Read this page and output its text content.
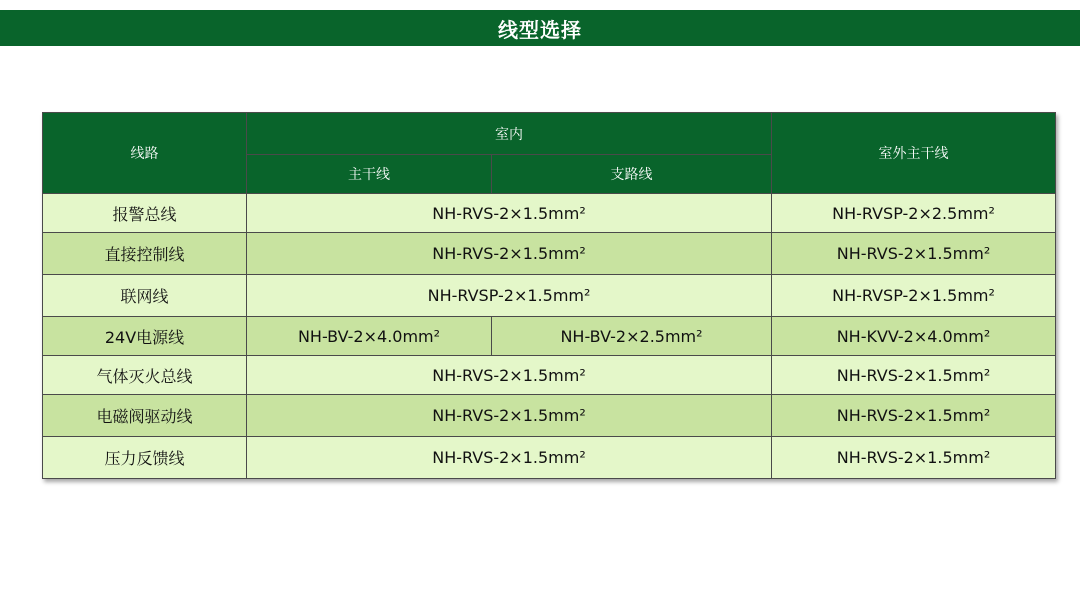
线型选择
线路	室内		室外主干线
	主干线	支路线	
报警总线	NH-RVS-2×1.5mm²		NH-RVSP-2×2.5mm²
直接控制线	NH-RVS-2×1.5mm²		NH-RVS-2×1.5mm²
联网线	NH-RVSP-2×1.5mm²		NH-RVSP-2×1.5mm²
24V电源线	NH-BV-2×4.0mm²	NH-BV-2×2.5mm²	NH-KVV-2×4.0mm²
气体灭火总线	NH-RVS-2×1.5mm²		NH-RVS-2×1.5mm²
电磁阀驱动线	NH-RVS-2×1.5mm²		NH-RVS-2×1.5mm²
压力反馈线	NH-RVS-2×1.5mm²		NH-RVS-2×1.5mm²
